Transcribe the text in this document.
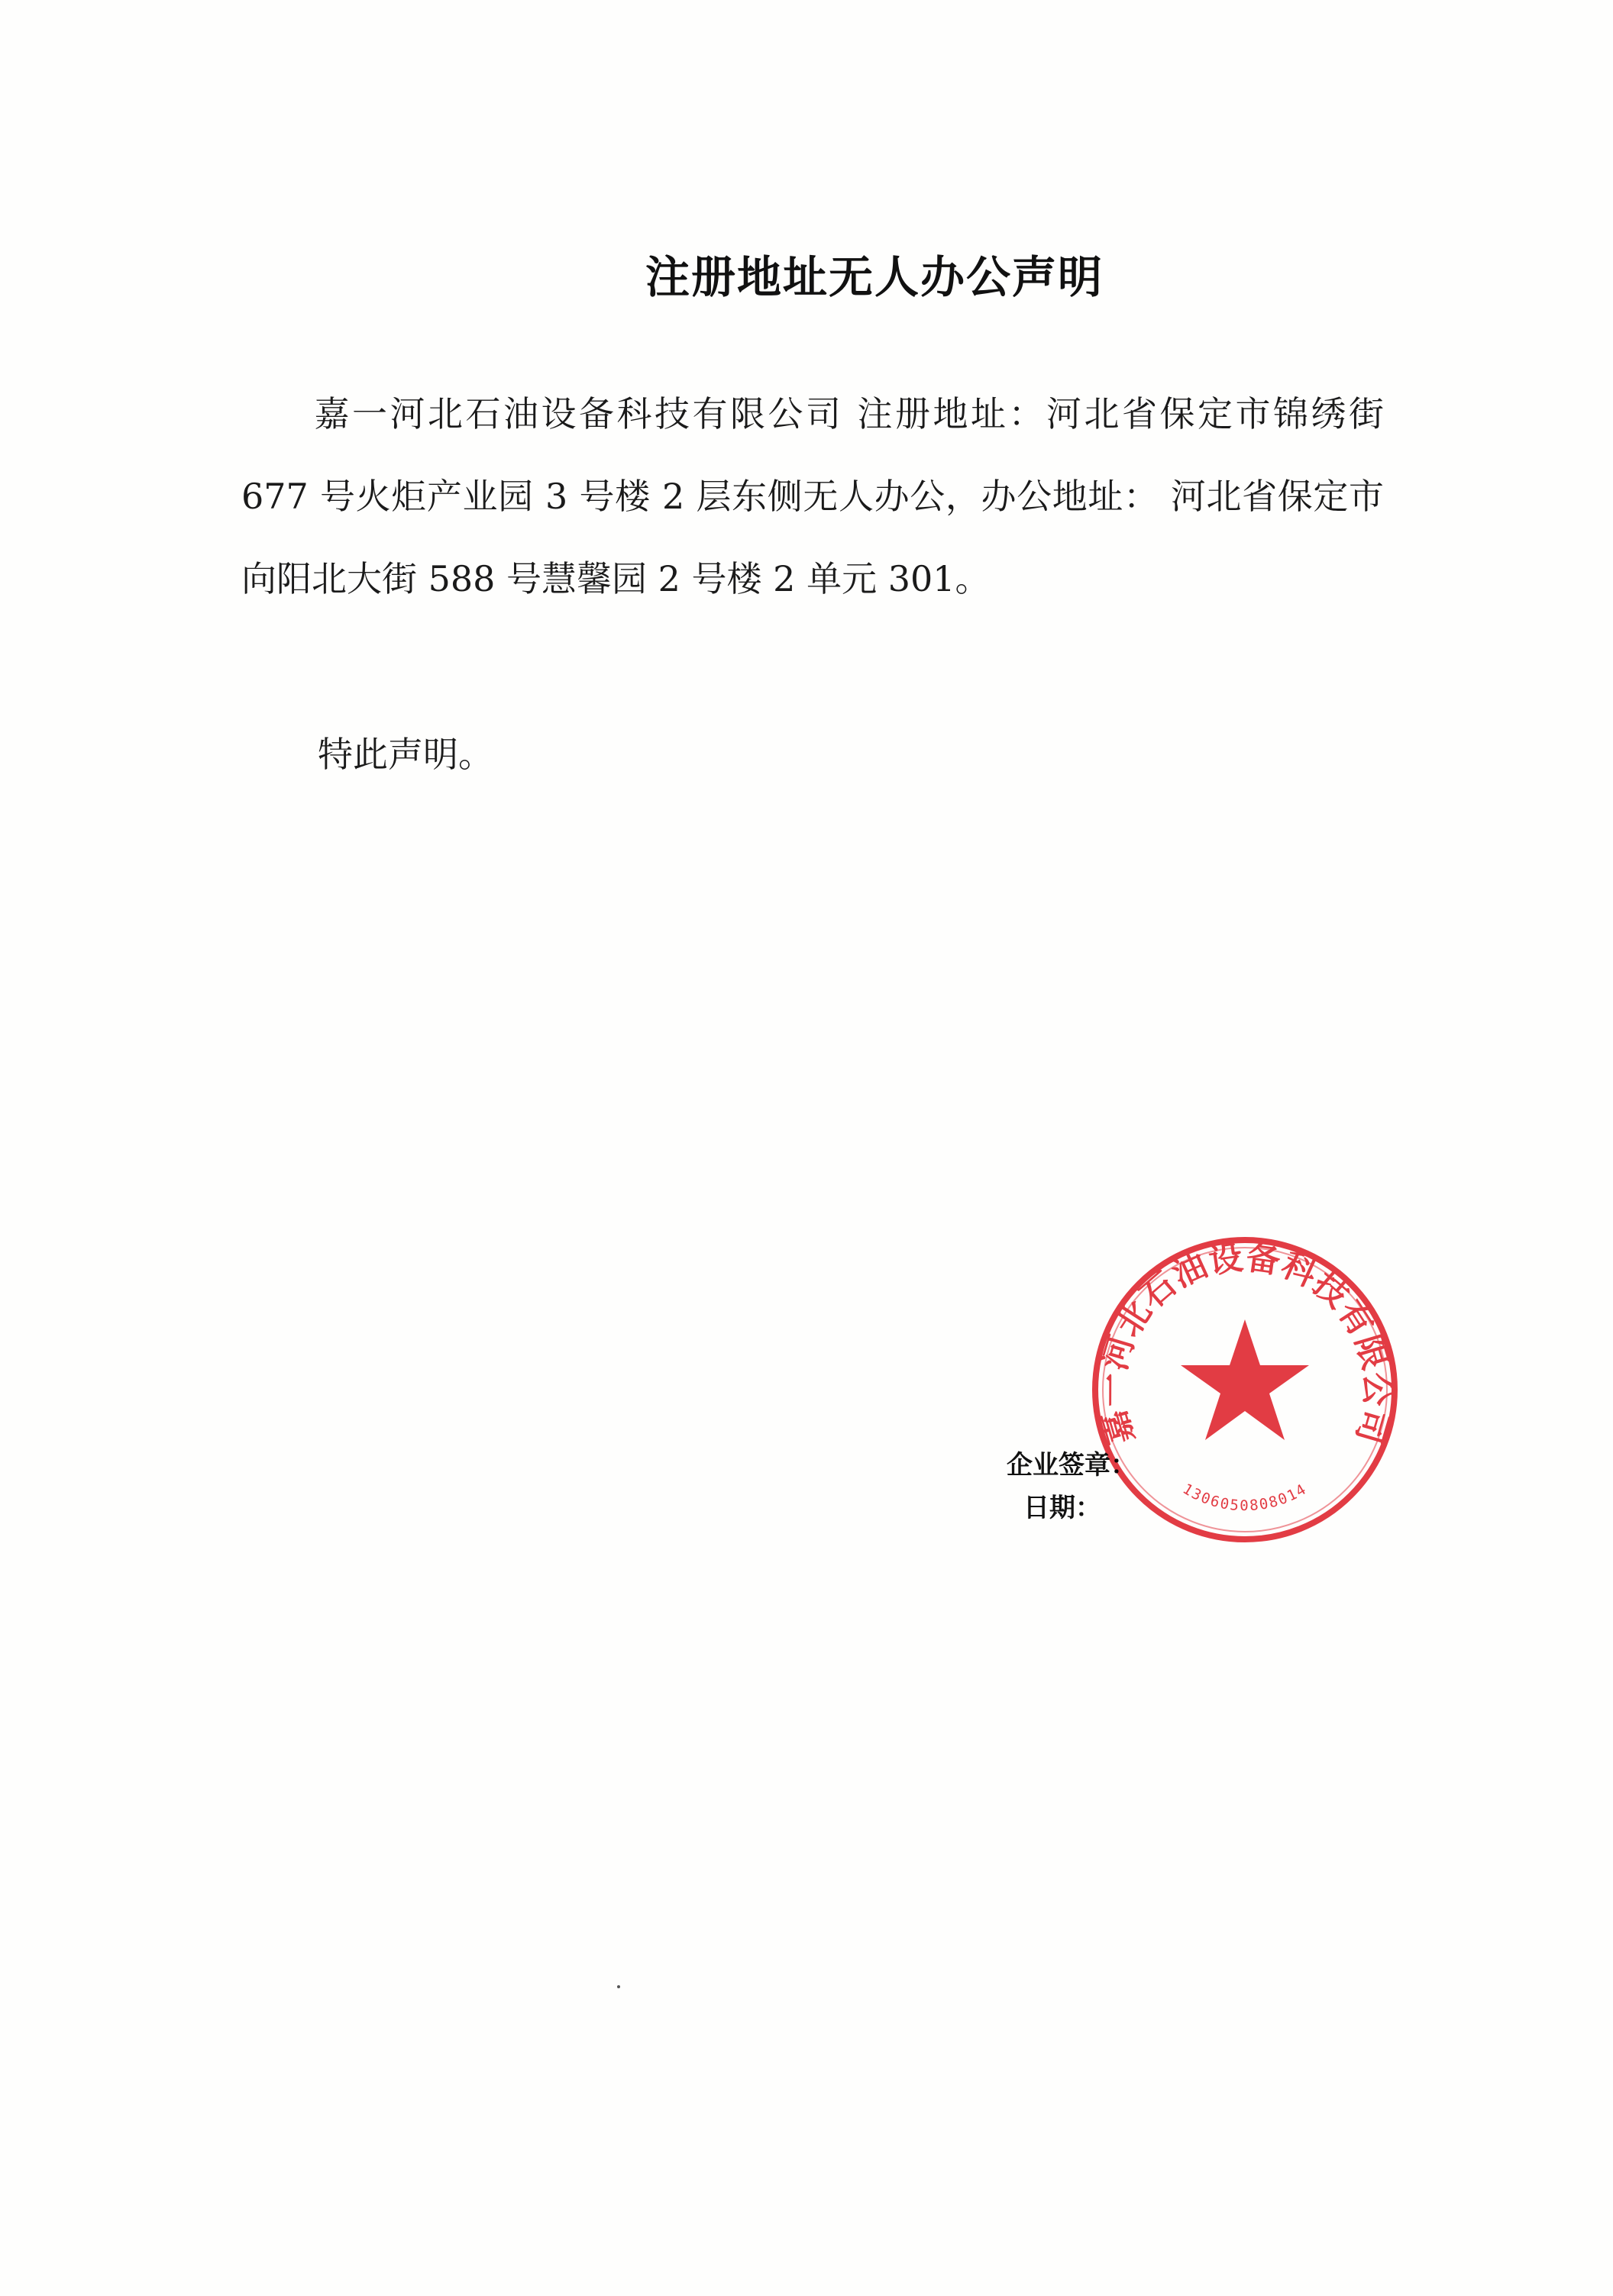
注册地址无人办公声明

嘉一河北石油设备科技有限公司 注册地址：河北省保定市锦绣街 677 号火炬产业园 3 号楼 2 层东侧无人办公，办公地址： 河北省保定市向阳北大街 588 号慧馨园 2 号楼 2 单元 301。

特此声明。

企业签章：
日期：
嘉一河北石油设备科技有限公司
1306050808014
